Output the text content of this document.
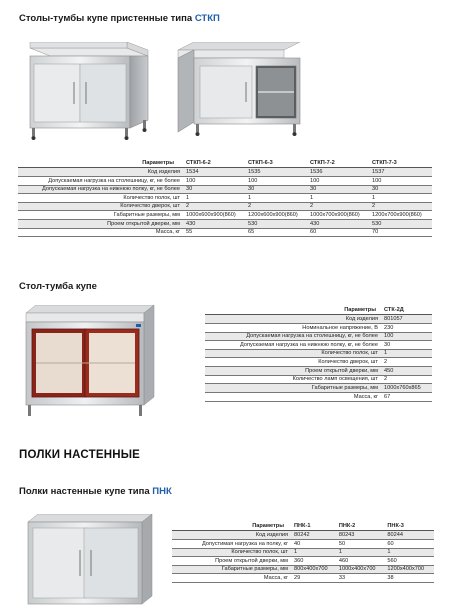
Столы-тумбы купе пристенные типа СТКП
Параметры	СТКП-6-2	СТКП-6-3	СТКП-7-2	СТКП-7-3
Код изделия	1534	1535	1536	1537
Допускаемая нагрузка на столешницу, кг, не более	100	100	100	100
Допускаемая нагрузка на нижнюю полку, кг, не более	30	30	30	30
Количество полок, шт	1	1	1	1
Количество дверок, шт	2	2	2	2
Габаритные размеры, мм	1000х600х900(860)	1200х600х900(860)	1000х700х900(860)	1200х700х900(860)
Проем открытой дверки, мм	430	530	430	530
Масса, кг	55	65	60	70
Стол-тумба купе
Параметры	СТК-2Д
Код изделия	801057
Номинальное напряжение, В	230
Допускаемая нагрузка на столешницу, кг, не более	100
Допускаемая нагрузка на нижнюю полку, кг, не более	30
Количество полок, шт	1
Количество дверок, шт	2
Проем открытой дверки, мм	450
Количество ламп освещения, шт	2
Габаритные размеры, мм	1000х760х865
Масса, кг	67
ПОЛКИ НАСТЕННЫЕ
Полки настенные купе типа ПНК
Параметры	ПНК-1	ПНК-2	ПНК-3
Код изделия	80242	80243	80244
Допустимая нагрузка на полку, кг	40	50	60
Количество полок, шт	1	1	1
Проем открытой дверки, мм	360	460	560
Габаритные размеры, мм	800х400х700	1000х400х700	1200х400х700
Масса, кг	29	33	38
